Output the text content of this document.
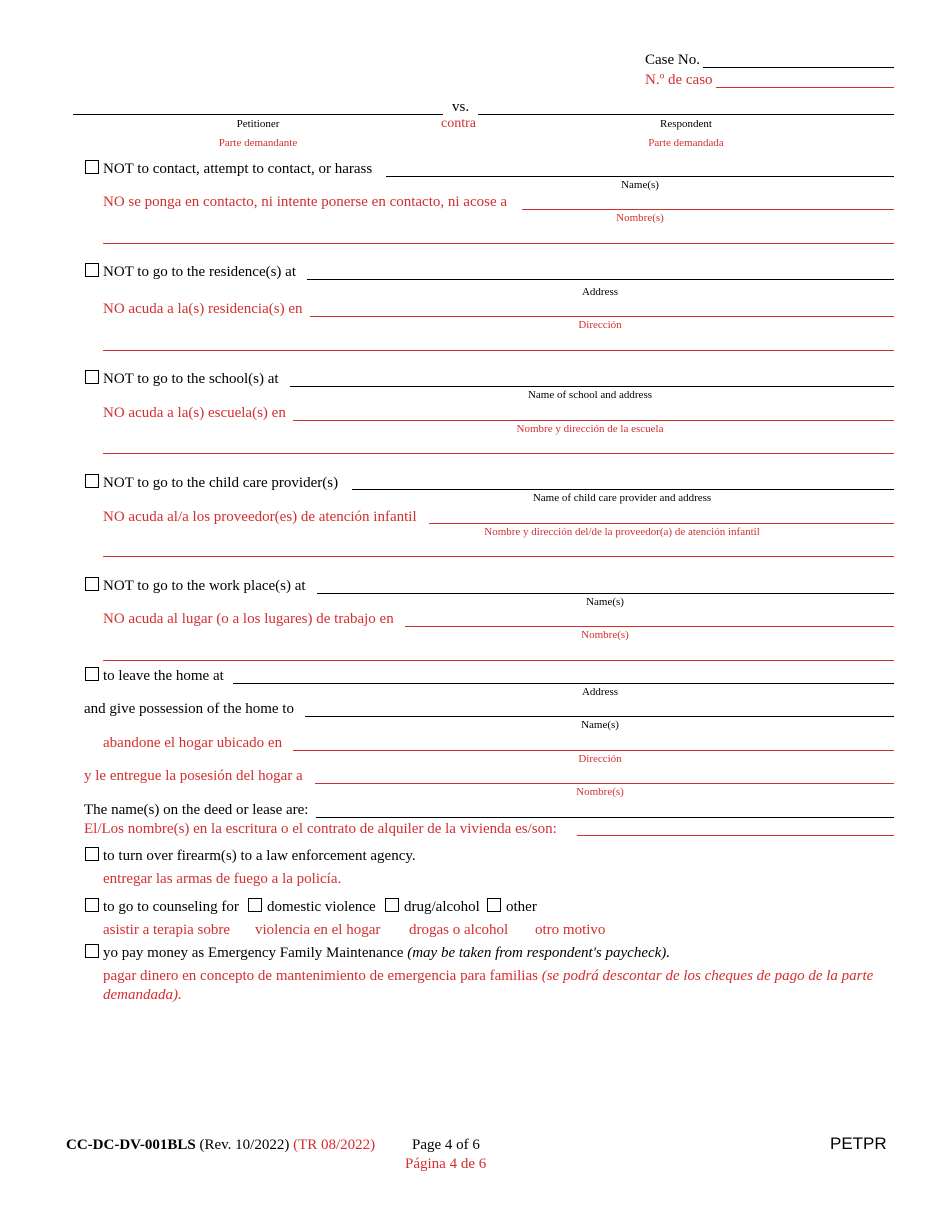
Case No.
N.º de caso
vs.
contra
Petitioner
Parte demandante
Respondent
Parte demandada
NOT to contact, attempt to contact, or harass
Name(s)
NO se ponga en contacto, ni intente ponerse en contacto, ni acose a
Nombre(s)
NOT to go to the residence(s) at
Address
NO acuda a la(s) residencia(s) en
Dirección
NOT to go to the school(s) at
Name of school and address
NO acuda a la(s) escuela(s) en
Nombre y dirección de la escuela
NOT to go to the child care provider(s)
Name of child care provider and address
NO acuda al/a los proveedor(es) de atención infantil
Nombre y dirección del/de la proveedor(a) de atención infantil
NOT to go to the work place(s) at
Name(s)
NO acuda al lugar (o a los lugares) de trabajo en
Nombre(s)
to leave the home at
Address
and give possession of the home to
Name(s)
abandone el hogar ubicado en
Dirección
y le entregue la posesión del hogar a
Nombre(s)
The name(s) on the deed or lease are:
El/Los nombre(s) en la escritura o el contrato de alquiler de la vivienda es/son:
to turn over firearm(s) to a law enforcement agency.
entregar las armas de fuego a la policía.
to go to counseling for domestic violence drug/alcohol other
asistir a terapia sobre violencia en el hogar drogas o alcohol otro motivo
yo pay money as Emergency Family Maintenance (may be taken from respondent's paycheck).
pagar dinero en concepto de mantenimiento de emergencia para familias (se podrá descontar de los cheques de pago de la parte demandada).
CC-DC-DV-001BLS (Rev. 10/2022) (TR 08/2022) Page 4 of 6
Página 4 de 6
PETPR
